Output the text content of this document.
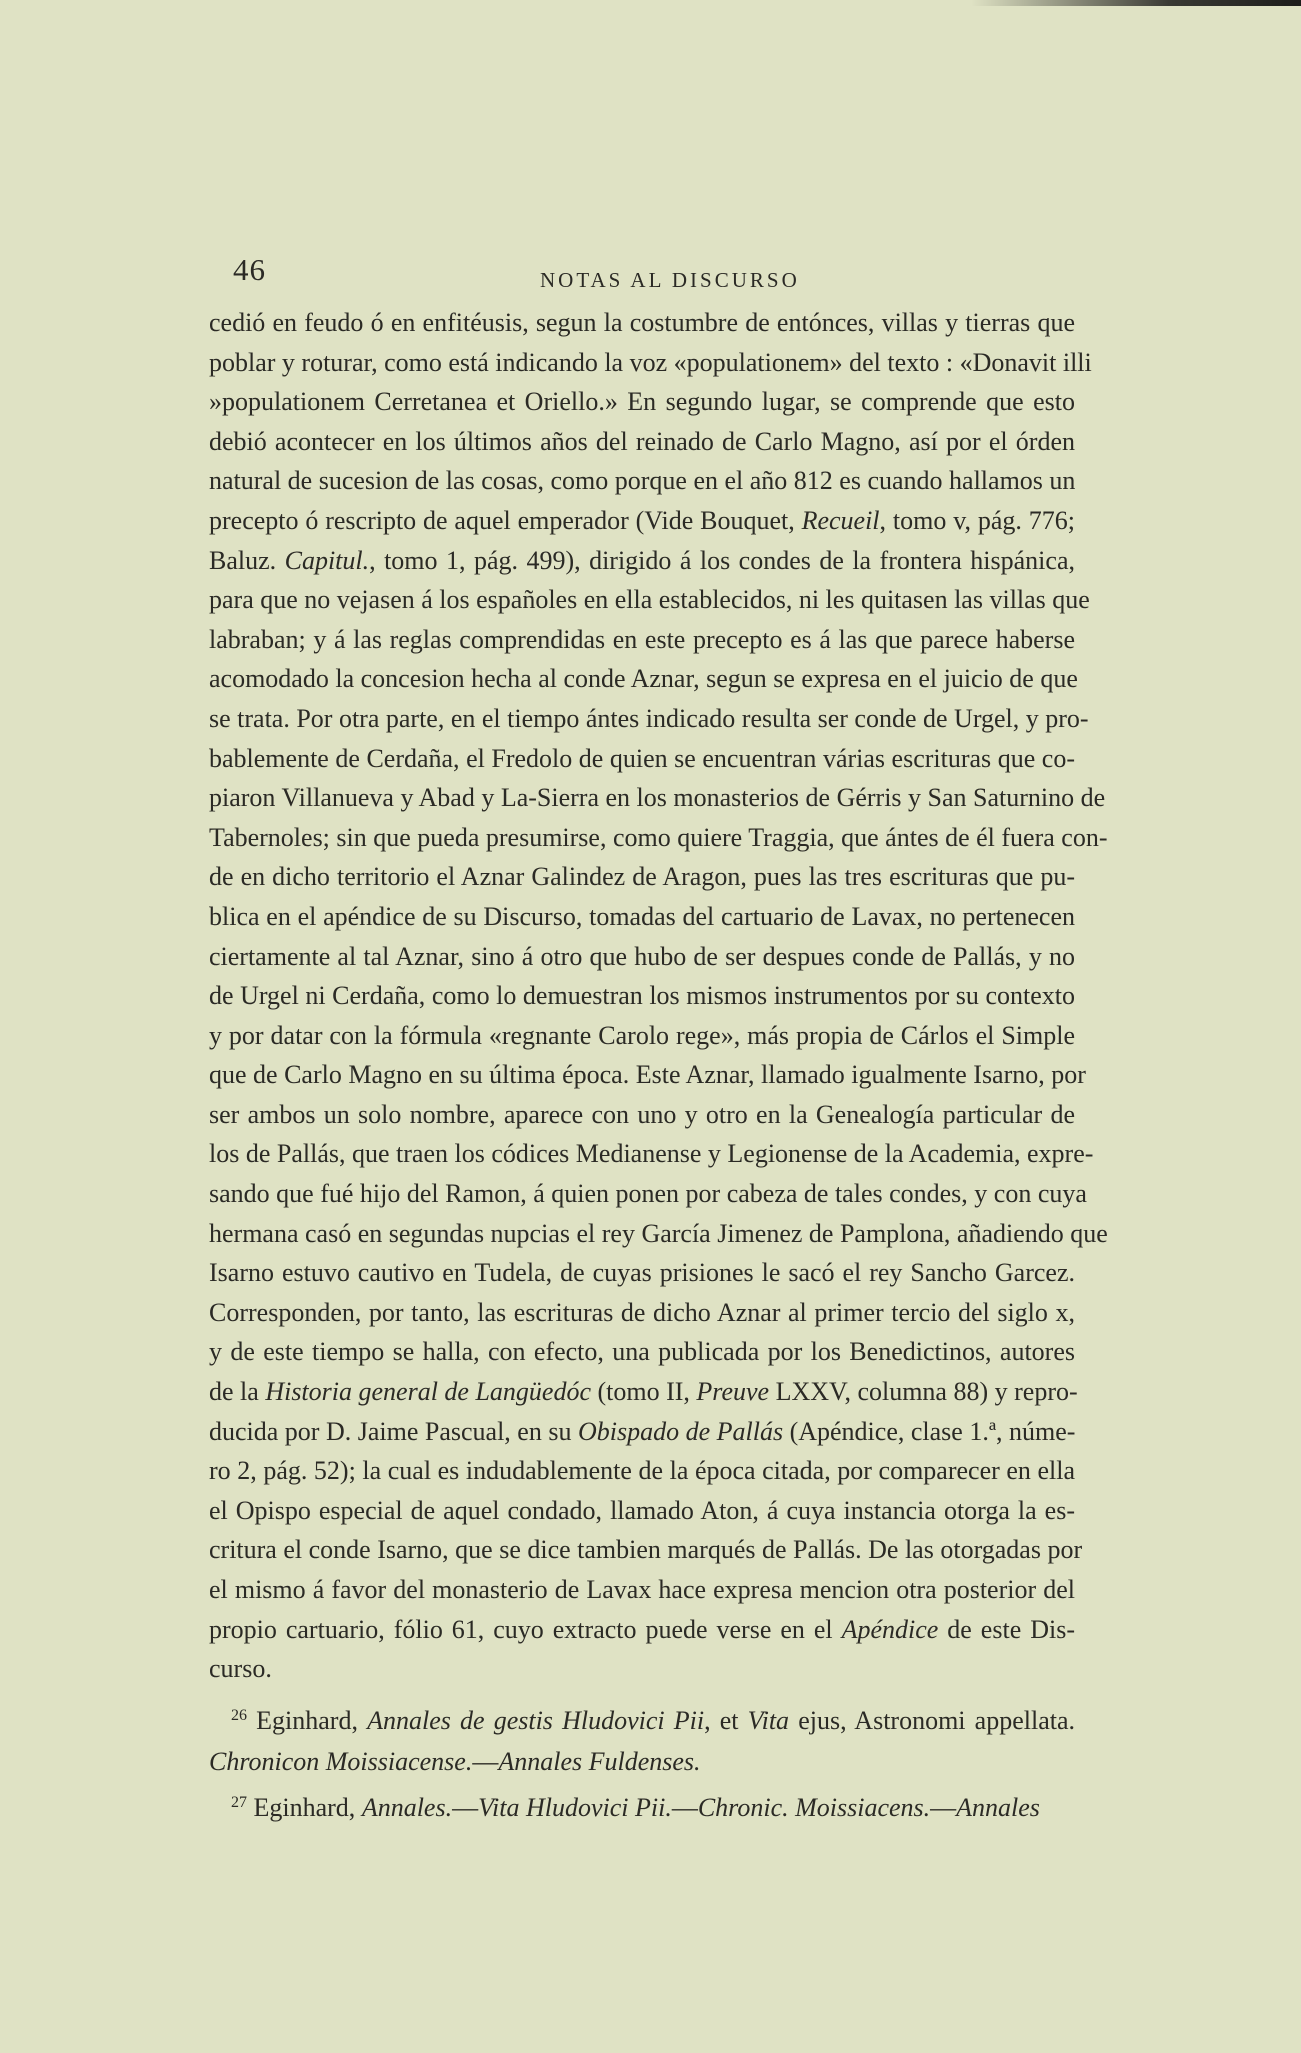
46	NOTAS AL DISCURSO
cedió en feudo ó en enfitéusis, segun la costumbre de entónces, villas y tierras que
poblar y roturar, como está indicando la voz «populationem» del texto : «Donavit illi
»populationem Cerretanea et Oriello.» En segundo lugar, se comprende que esto
debió acontecer en los últimos años del reinado de Carlo Magno, así por el órden
natural de sucesion de las cosas, como porque en el año 812 es cuando hallamos un
precepto ó rescripto de aquel emperador (Vide Bouquet, Recueil, tomo v, pág. 776;
Baluz. Capitul., tomo 1, pág. 499), dirigido á los condes de la frontera hispánica,
para que no vejasen á los españoles en ella establecidos, ni les quitasen las villas que
labraban; y á las reglas comprendidas en este precepto es á las que parece haberse
acomodado la concesion hecha al conde Aznar, segun se expresa en el juicio de que
se trata. Por otra parte, en el tiempo ántes indicado resulta ser conde de Urgel, y pro-
bablemente de Cerdaña, el Fredolo de quien se encuentran várias escrituras que co-
piaron Villanueva y Abad y La-Sierra en los monasterios de Gérris y San Saturnino de
Tabernoles; sin que pueda presumirse, como quiere Traggia, que ántes de él fuera con-
de en dicho territorio el Aznar Galindez de Aragon, pues las tres escrituras que pu-
blica en el apéndice de su Discurso, tomadas del cartuario de Lavax, no pertenecen
ciertamente al tal Aznar, sino á otro que hubo de ser despues conde de Pallás, y no
de Urgel ni Cerdaña, como lo demuestran los mismos instrumentos por su contexto
y por datar con la fórmula «regnante Carolo rege», más propia de Cárlos el Simple
que de Carlo Magno en su última época. Este Aznar, llamado igualmente Isarno, por
ser ambos un solo nombre, aparece con uno y otro en la Genealogía particular de
los de Pallás, que traen los códices Medianense y Legionense de la Academia, expre-
sando que fué hijo del Ramon, á quien ponen por cabeza de tales condes, y con cuya
hermana casó en segundas nupcias el rey García Jimenez de Pamplona, añadiendo que
Isarno estuvo cautivo en Tudela, de cuyas prisiones le sacó el rey Sancho Garcez.
Corresponden, por tanto, las escrituras de dicho Aznar al primer tercio del siglo x,
y de este tiempo se halla, con efecto, una publicada por los Benedictinos, autores
de la Historia general de Langüedóc (tomo II, Preuve LXXV, columna 88) y repro-
ducida por D. Jaime Pascual, en su Obispado de Pallás (Apéndice, clase 1.ª, núme-
ro 2, pág. 52); la cual es indudablemente de la época citada, por comparecer en ella
el Opispo especial de aquel condado, llamado Aton, á cuya instancia otorga la es-
critura el conde Isarno, que se dice tambien marqués de Pallás. De las otorgadas por
el mismo á favor del monasterio de Lavax hace expresa mencion otra posterior del
propio cartuario, fólio 61, cuyo extracto puede verse en el Apéndice de este Dis-
curso.
$^{26}$ Eginhard, Annales de gestis Hludovici Pii, et Vita ejus, Astronomi appellata.
Chronicon Moissiacense.—Annales Fuldenses.
$^{27}$ Eginhard, Annales.—Vita Hludovici Pii.—Chronic. Moissiacens.—Annales
